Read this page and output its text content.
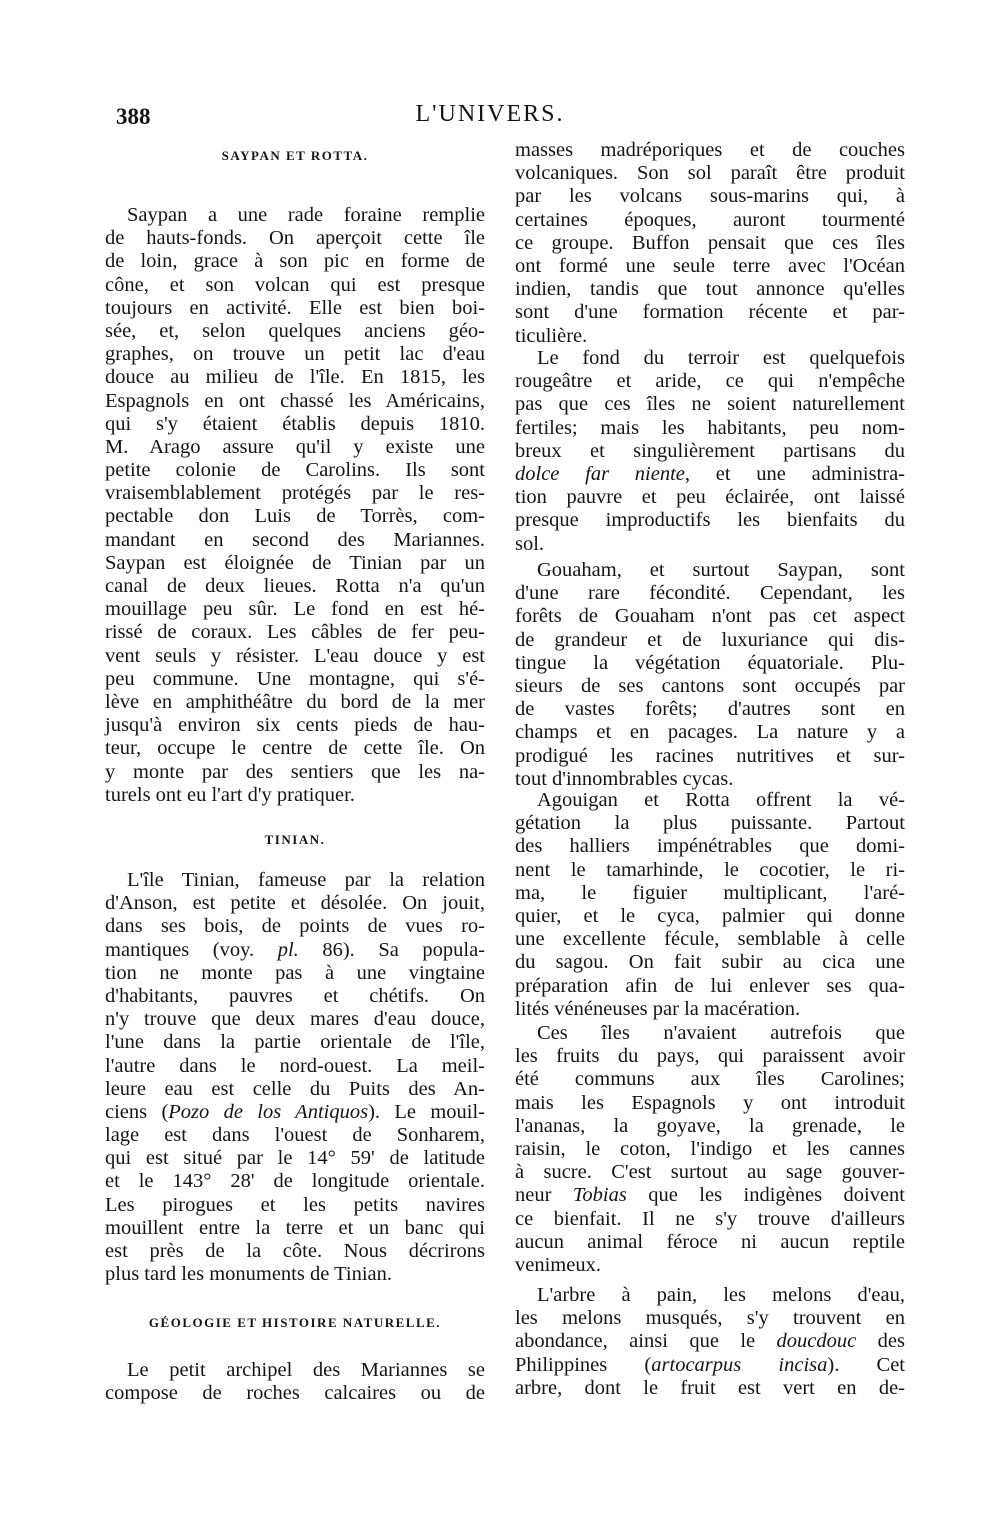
388	L'UNIVERS.
SAYPAN ET ROTTA.
Saypan a une rade foraine remplie
de hauts-fonds. On aperçoit cette île
de loin, grace à son pic en forme de
cône, et son volcan qui est presque
toujours en activité. Elle est bien boi-
sée, et, selon quelques anciens géo-
graphes, on trouve un petit lac d'eau
douce au milieu de l'île. En 1815, les
Espagnols en ont chassé les Américains,
qui s'y étaient établis depuis 1810.
M. Arago assure qu'il y existe une
petite colonie de Carolins. Ils sont
vraisemblablement protégés par le res-
pectable don Luis de Torrès, com-
mandant en second des Mariannes.
Saypan est éloignée de Tinian par un
canal de deux lieues. Rotta n'a qu'un
mouillage peu sûr. Le fond en est hé-
rissé de coraux. Les câbles de fer peu-
vent seuls y résister. L'eau douce y est
peu commune. Une montagne, qui s'é-
lève en amphithéâtre du bord de la mer
jusqu'à environ six cents pieds de hau-
teur, occupe le centre de cette île. On
y monte par des sentiers que les na-
turels ont eu l'art d'y pratiquer.
TINIAN.
L'île Tinian, fameuse par la relation
d'Anson, est petite et désolée. On jouit,
dans ses bois, de points de vues ro-
mantiques (voy. pl. 86). Sa popula-
tion ne monte pas à une vingtaine
d'habitants, pauvres et chétifs. On
n'y trouve que deux mares d'eau douce,
l'une dans la partie orientale de l'île,
l'autre dans le nord-ouest. La meil-
leure eau est celle du Puits des An-
ciens (Pozo de los Antiquos). Le mouil-
lage est dans l'ouest de Sonharem,
qui est situé par le 14° 59' de latitude
et le 143° 28' de longitude orientale.
Les pirogues et les petits navires
mouillent entre la terre et un banc qui
est près de la côte. Nous décrirons
plus tard les monuments de Tinian.
GÉOLOGIE ET HISTOIRE NATURELLE.
Le petit archipel des Mariannes se
compose de roches calcaires ou de
masses madréporiques et de couches
volcaniques. Son sol paraît être produit
par les volcans sous-marins qui, à
certaines époques, auront tourmenté
ce groupe. Buffon pensait que ces îles
ont formé une seule terre avec l'Océan
indien, tandis que tout annonce qu'elles
sont d'une formation récente et par-
ticulière.
Le fond du terroir est quelquefois
rougeâtre et aride, ce qui n'empêche
pas que ces îles ne soient naturellement
fertiles; mais les habitants, peu nom-
breux et singulièrement partisans du
dolce far niente, et une administra-
tion pauvre et peu éclairée, ont laissé
presque improductifs les bienfaits du
sol.
Gouaham, et surtout Saypan, sont
d'une rare fécondité. Cependant, les
forêts de Gouaham n'ont pas cet aspect
de grandeur et de luxuriance qui dis-
tingue la végétation équatoriale. Plu-
sieurs de ses cantons sont occupés par
de vastes forêts; d'autres sont en
champs et en pacages. La nature y a
prodigué les racines nutritives et sur-
tout d'innombrables cycas.
Agouigan et Rotta offrent la vé-
gétation la plus puissante. Partout
des halliers impénétrables que domi-
nent le tamarhinde, le cocotier, le ri-
ma, le figuier multiplicant, l'aré-
quier, et le cyca, palmier qui donne
une excellente fécule, semblable à celle
du sagou. On fait subir au cica une
préparation afin de lui enlever ses qua-
lités vénéneuses par la macération.
Ces îles n'avaient autrefois que
les fruits du pays, qui paraissent avoir
été communs aux îles Carolines;
mais les Espagnols y ont introduit
l'ananas, la goyave, la grenade, le
raisin, le coton, l'indigo et les cannes
à sucre. C'est surtout au sage gouver-
neur Tobias que les indigènes doivent
ce bienfait. Il ne s'y trouve d'ailleurs
aucun animal féroce ni aucun reptile
venimeux.
L'arbre à pain, les melons d'eau,
les melons musqués, s'y trouvent en
abondance, ainsi que le doucdouc des
Philippines (artocarpus incisa). Cet
arbre, dont le fruit est vert en de-
